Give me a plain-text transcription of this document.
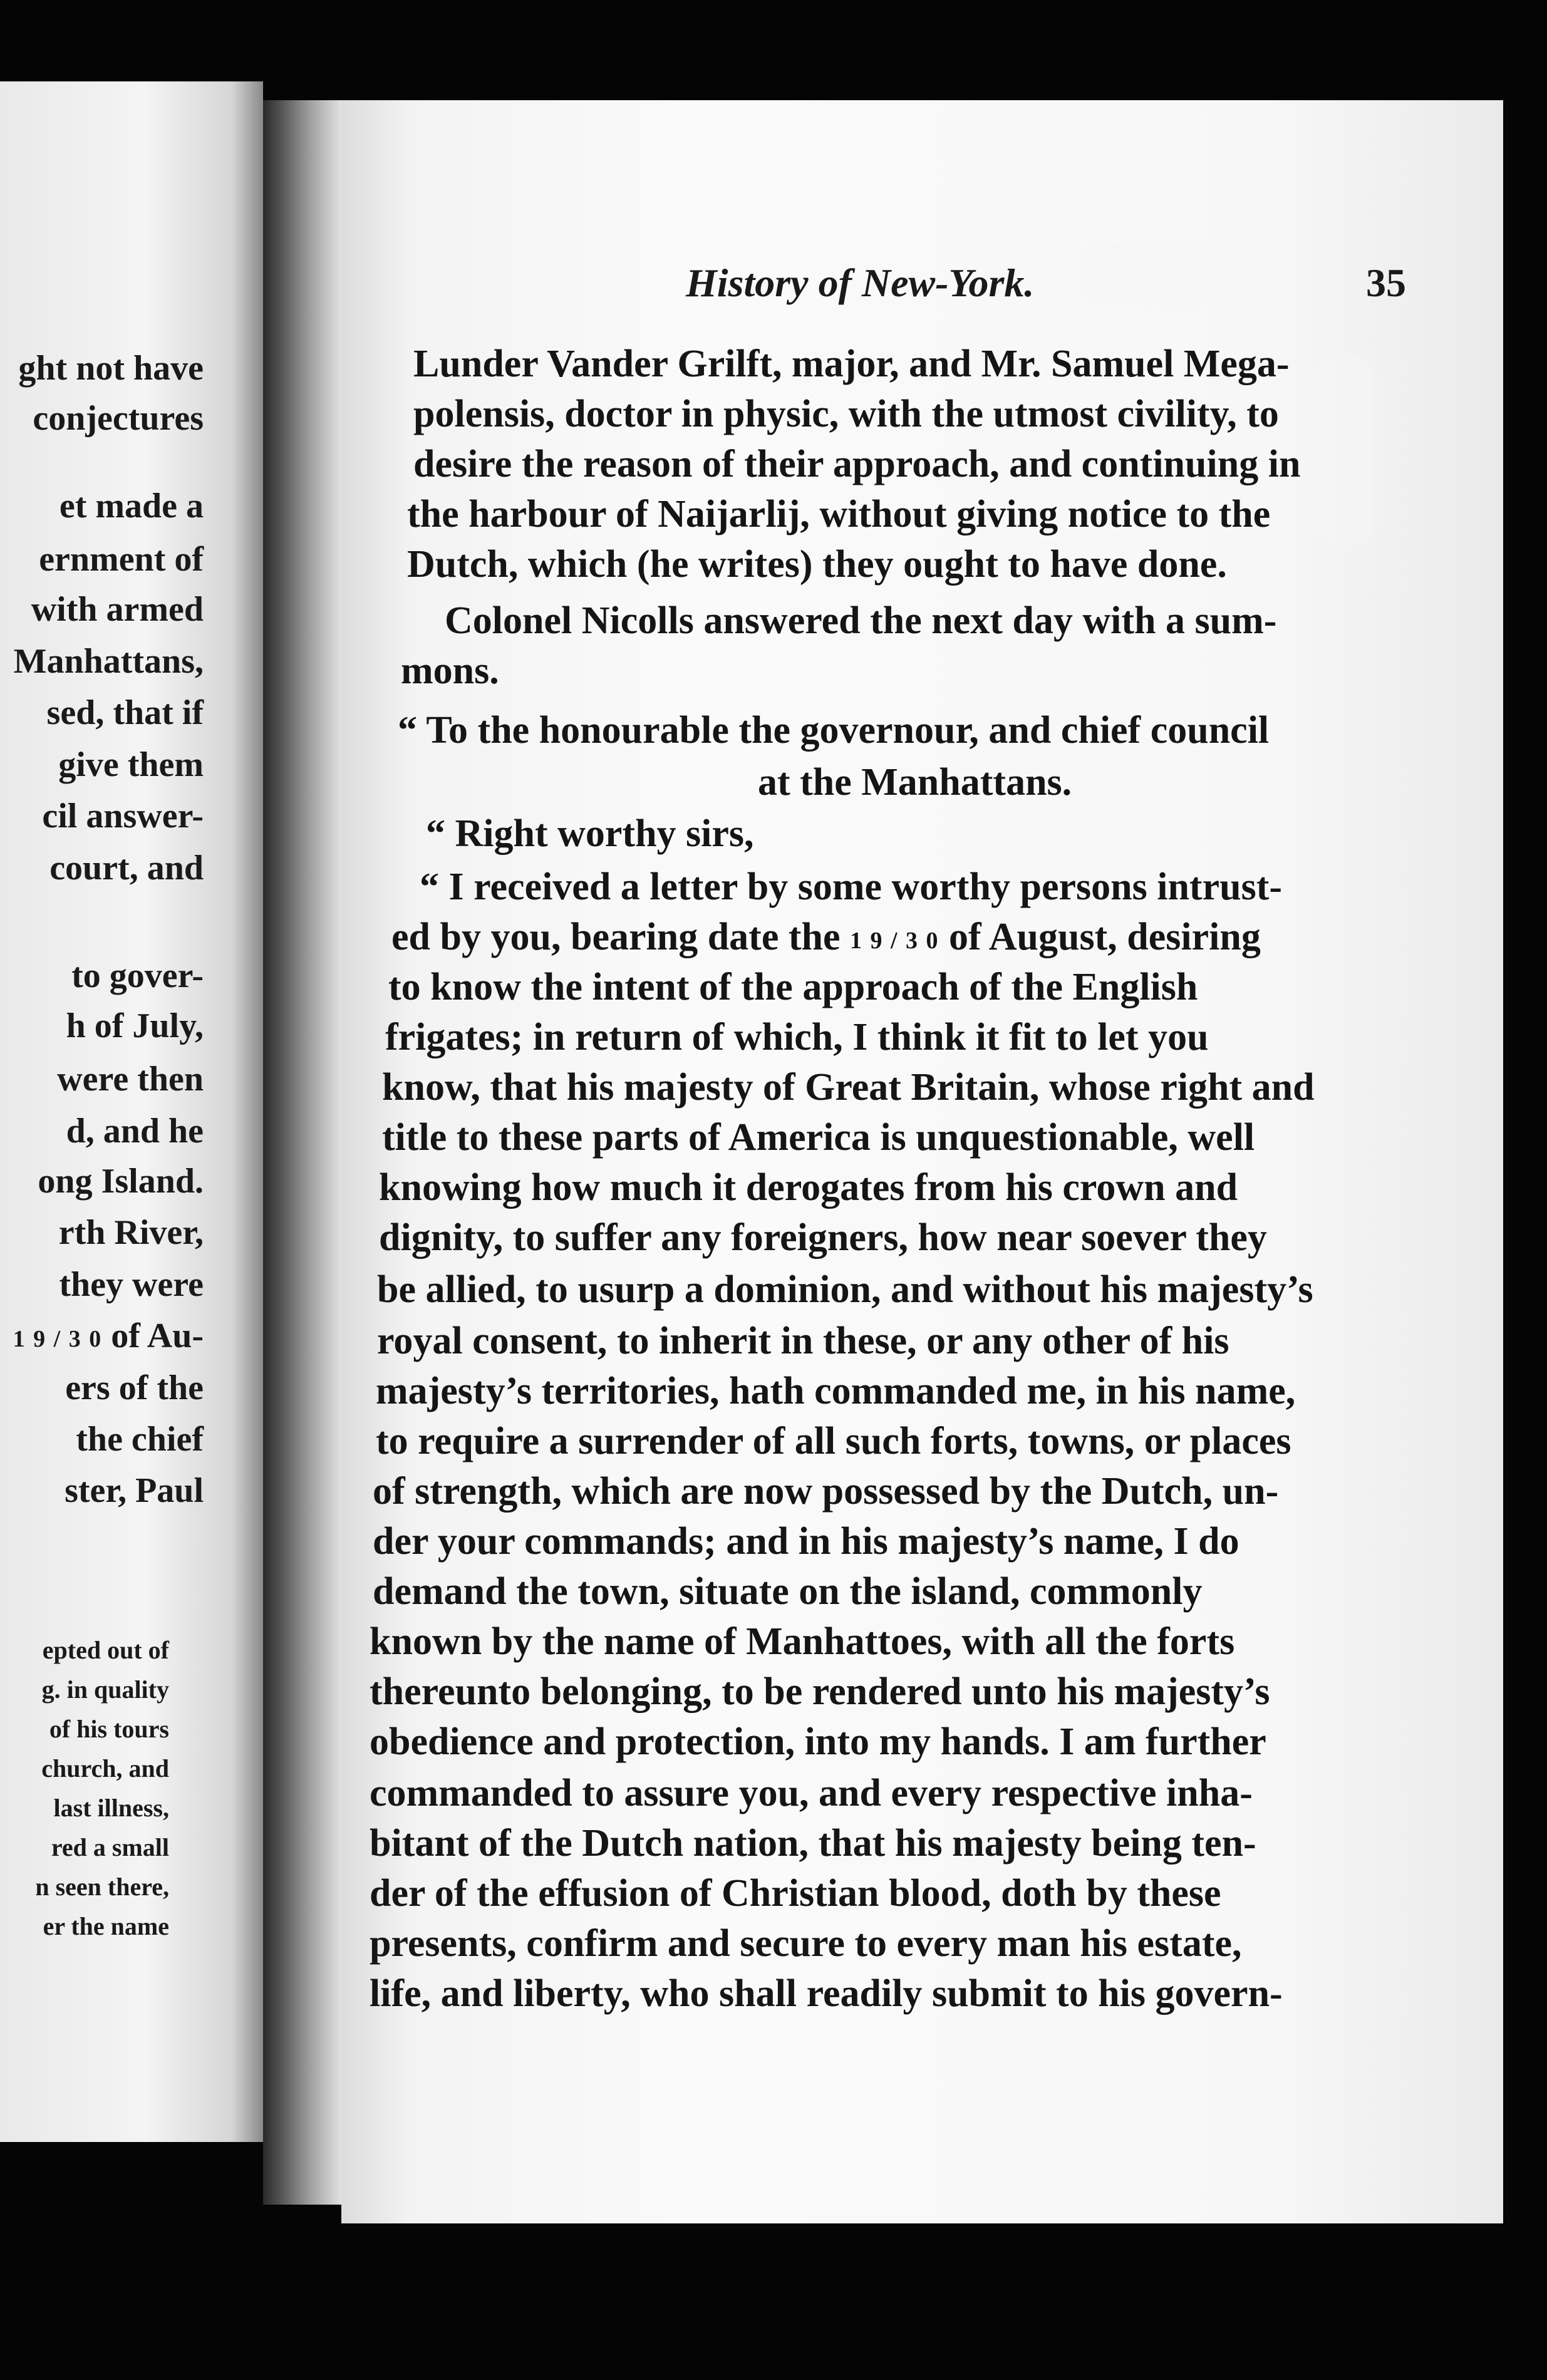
ght not have
conjectures
et made a
ernment of
with armed
Manhattans,
sed, that if
give them
cil answer-
court, and
to gover-
h of July,
were then
d, and he
ong Island.
rth River,
they were
1 9 / 3 0 of Au-
ers of the
the chief
ster, Paul
epted out of
g. in quality
of his tours
church, and
last illness,
red a small
n seen there,
er the name
History of New-York.	35
Lunder Vander Grilft, major, and Mr. Samuel Mega-
polensis, doctor in physic, with the utmost civility, to
desire the reason of their approach, and continuing in
the harbour of Naijarlij, without giving notice to the
Dutch, which (he writes) they ought to have done.
Colonel Nicolls answered the next day with a sum-
mons.
“ To the honourable the governour, and chief council
at the Manhattans.
“ Right worthy sirs,
“ I received a letter by some worthy persons intrust-
ed by you, bearing date the 1 9 / 3 0 of August, desiring
to know the intent of the approach of the English
frigates; in return of which, I think it fit to let you
know, that his majesty of Great Britain, whose right and
title to these parts of America is unquestionable, well
knowing how much it derogates from his crown and
dignity, to suffer any foreigners, how near soever they
be allied, to usurp a dominion, and without his majesty’s
royal consent, to inherit in these, or any other of his
majesty’s territories, hath commanded me, in his name,
to require a surrender of all such forts, towns, or places
of strength, which are now possessed by the Dutch, un-
der your commands; and in his majesty’s name, I do
demand the town, situate on the island, commonly
known by the name of Manhattoes, with all the forts
thereunto belonging, to be rendered unto his majesty’s
obedience and protection, into my hands. I am further
commanded to assure you, and every respective inha-
bitant of the Dutch nation, that his majesty being ten-
der of the effusion of Christian blood, doth by these
presents, confirm and secure to every man his estate,
life, and liberty, who shall readily submit to his govern-
